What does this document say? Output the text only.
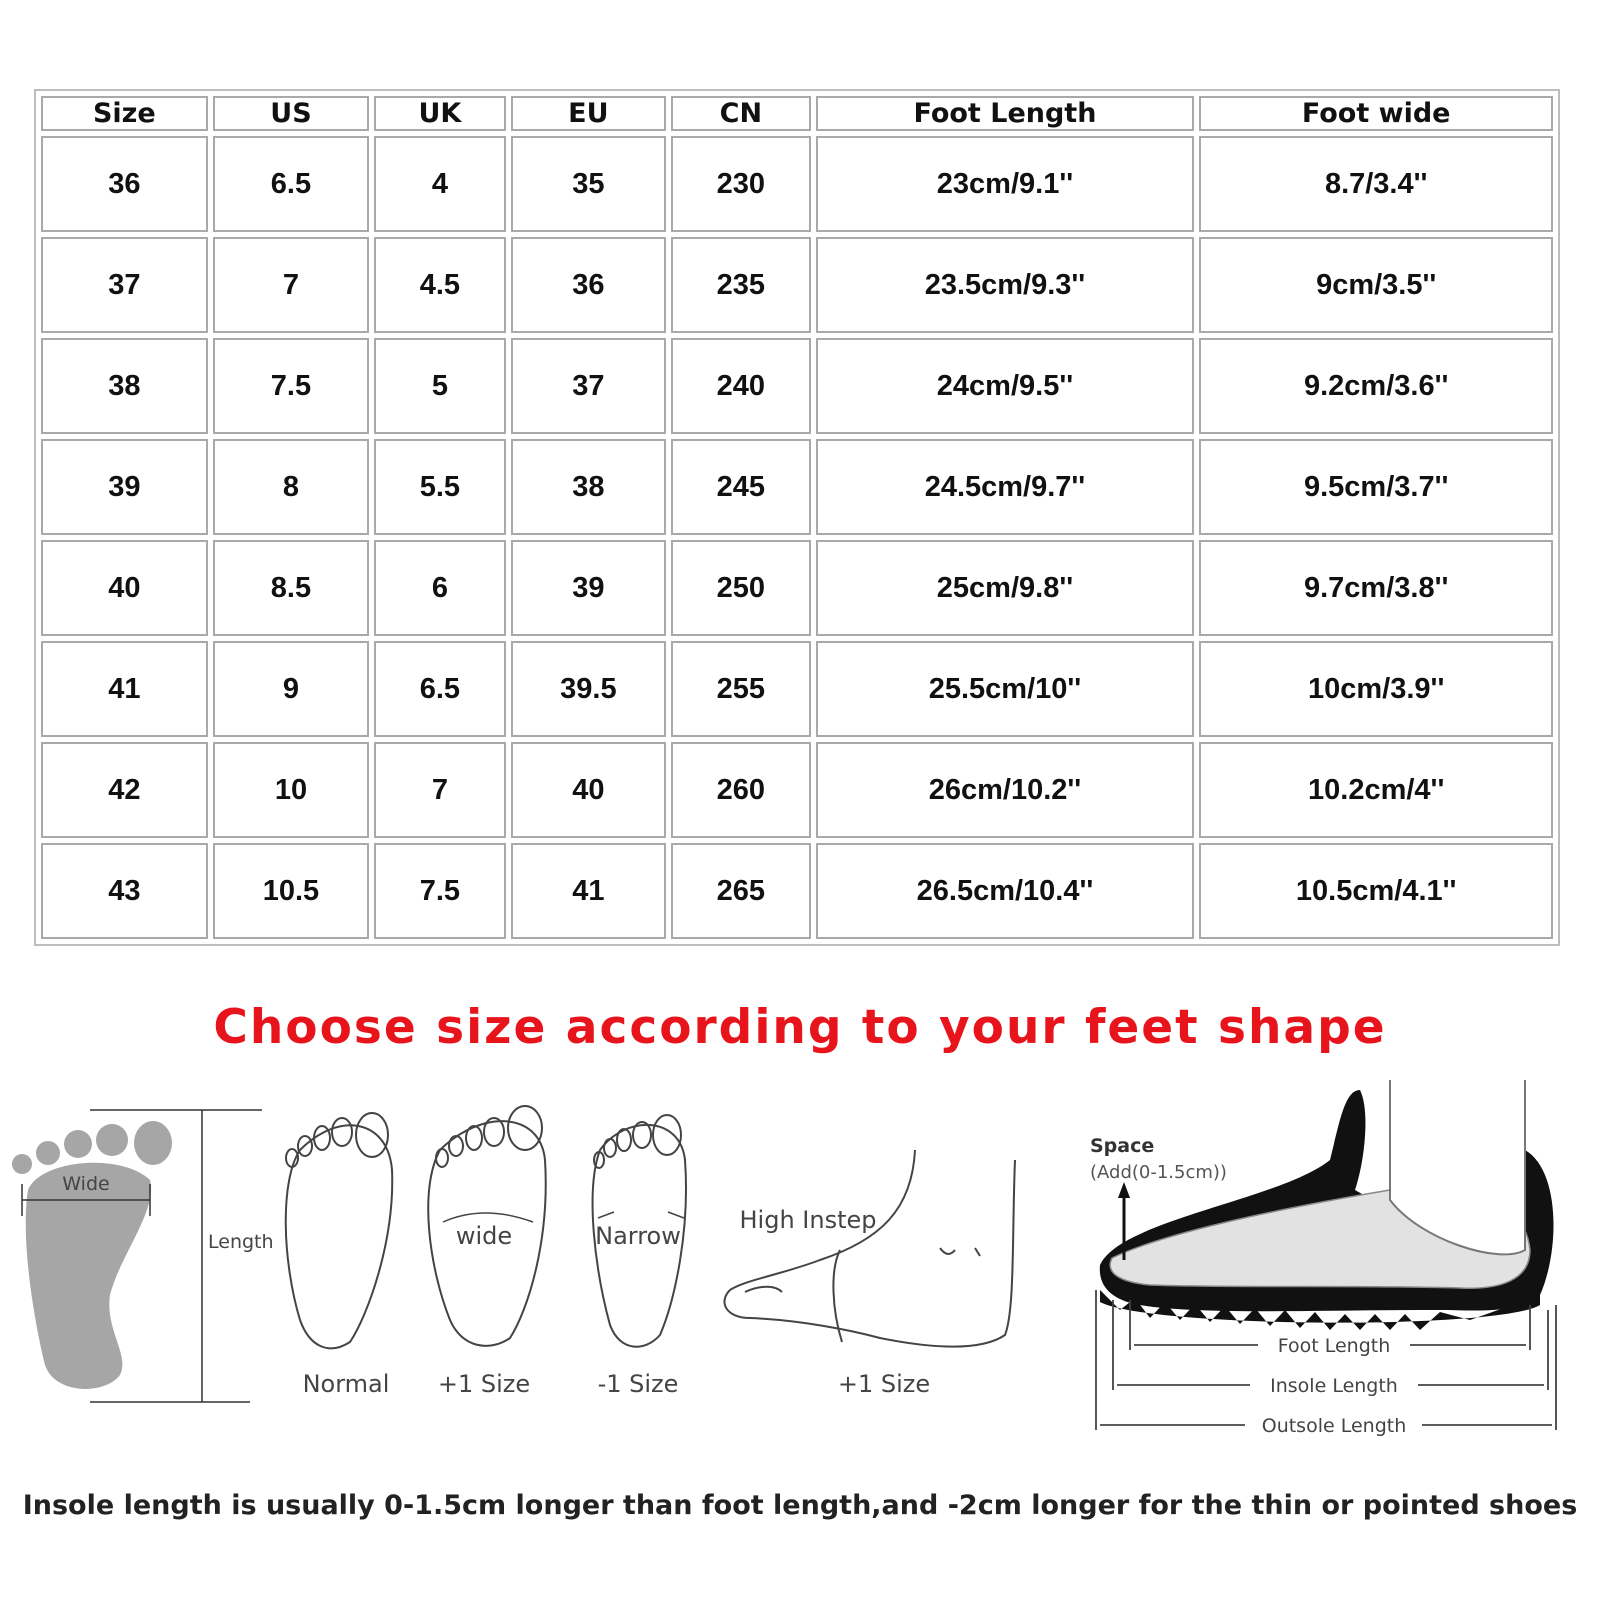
Size	US	UK	EU	CN	Foot Length	Foot wide
36	6.5	4	35	230	23cm/9.1''	8.7/3.4''
37	7	4.5	36	235	23.5cm/9.3''	9cm/3.5''
38	7.5	5	37	240	24cm/9.5''	9.2cm/3.6''
39	8	5.5	38	245	24.5cm/9.7''	9.5cm/3.7''
40	8.5	6	39	250	25cm/9.8''	9.7cm/3.8''
41	9	6.5	39.5	255	25.5cm/10''	10cm/3.9''
42	10	7	40	260	26cm/10.2''	10.2cm/4''
43	10.5	7.5	41	265	26.5cm/10.4''	10.5cm/4.1''
Choose size according to your feet shape
Wide
Length
Normal
wide
+1 Size
Narrow
-1 Size
High Instep
+1 Size
Space
(Add(0-1.5cm))
Foot Length
Insole Length
Outsole Length
Insole length is usually 0-1.5cm longer than foot length,and -2cm longer for the thin or pointed shoes
